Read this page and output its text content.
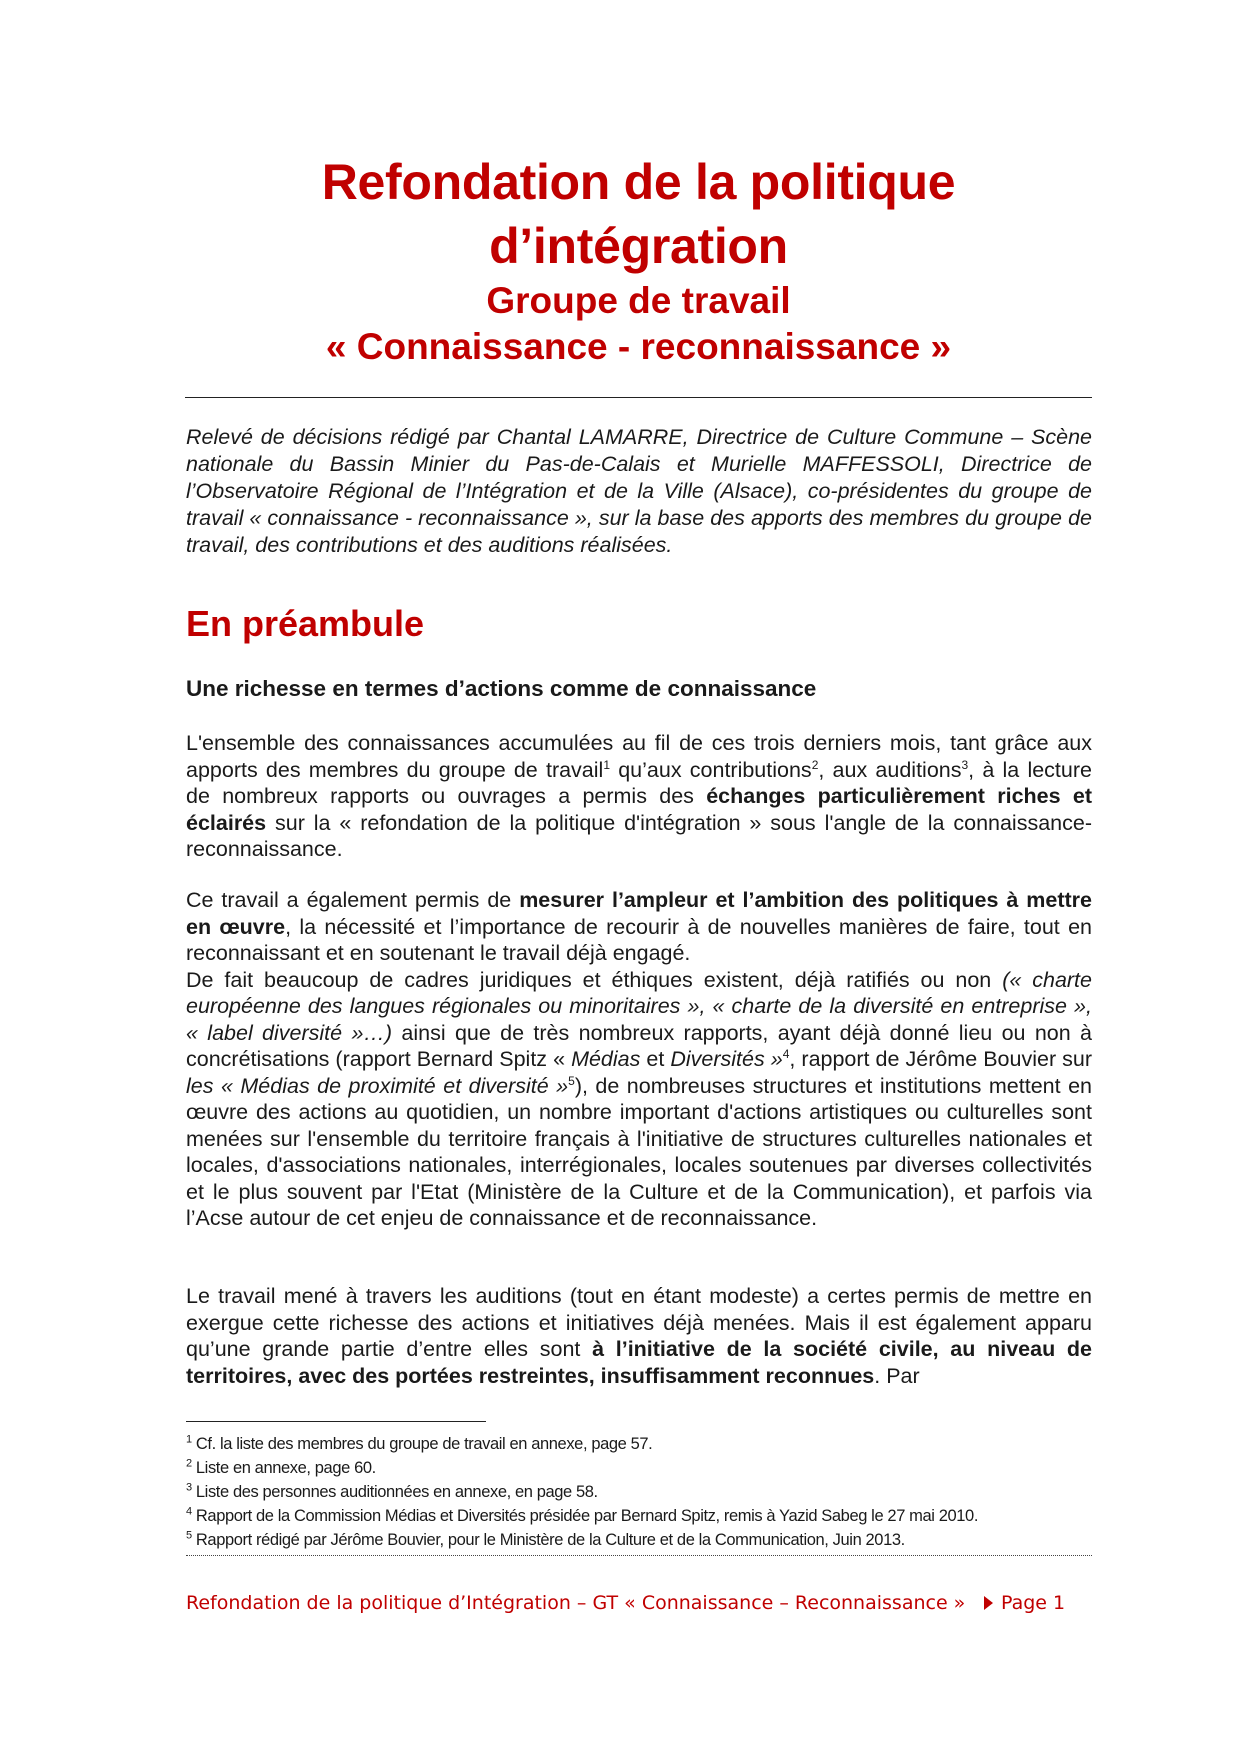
Refondation de la politique
d’intégration
Groupe de travail
« Connaissance - reconnaissance »
Relevé de décisions rédigé par Chantal LAMARRE, Directrice de Culture Commune – Scène nationale du Bassin Minier du Pas-de-Calais et Murielle MAFFESSOLI, Directrice de l’Observatoire Régional de l’Intégration et de la Ville (Alsace), co-présidentes du groupe de travail « connaissance - reconnaissance », sur la base des apports des membres du groupe de travail, des contributions et des auditions réalisées.
En préambule
Une richesse en termes d’actions comme de connaissance

L'ensemble des connaissances accumulées au fil de ces trois derniers mois, tant grâce aux apports des membres du groupe de travail$^1$ qu’aux contributions$^2$, aux auditions$^3$, à la lecture de nombreux rapports ou ouvrages a permis des échanges particulièrement riches et éclairés sur la « refondation de la politique d'intégration » sous l'angle de la connaissance-reconnaissance.

Ce travail a également permis de mesurer l’ampleur et l’ambition des politiques à mettre en œuvre, la nécessité et l’importance de recourir à de nouvelles manières de faire, tout en reconnaissant et en soutenant le travail déjà engagé.

De fait beaucoup de cadres juridiques et éthiques existent, déjà ratifiés ou non (« charte européenne des langues régionales ou minoritaires », « charte de la diversité en entreprise », « label diversité »…) ainsi que de très nombreux rapports, ayant déjà donné lieu ou non à concrétisations (rapport Bernard Spitz « Médias et Diversités »$^4$, rapport de Jérôme Bouvier sur les « Médias de proximité et diversité »$^5$), de nombreuses structures et institutions mettent en œuvre des actions au quotidien, un nombre important d'actions artistiques ou culturelles sont menées sur l'ensemble du territoire français à l'initiative de structures culturelles nationales et locales, d'associations nationales, interrégionales, locales soutenues par diverses collectivités et le plus souvent par l'Etat (Ministère de la Culture et de la Communication), et parfois via l’Acse autour de cet enjeu de connaissance et de reconnaissance.

Le travail mené à travers les auditions (tout en étant modeste) a certes permis de mettre en exergue cette richesse des actions et initiatives déjà menées. Mais il est également apparu qu’une grande partie d’entre elles sont à l’initiative de la société civile, au niveau de territoires, avec des portées restreintes, insuffisamment reconnues. Par

$^1$ Cf. la liste des membres du groupe de travail en annexe, page 57.
$^2$ Liste en annexe, page 60.
$^3$ Liste des personnes auditionnées en annexe, en page 58.
$^4$ Rapport de la Commission Médias et Diversités présidée par Bernard Spitz, remis à Yazid Sabeg le 27 mai 2010.
$^5$ Rapport rédigé par Jérôme Bouvier, pour le Ministère de la Culture et de la Communication, Juin 2013.
Refondation de la politique d’Intégration – GT « Connaissance – Reconnaissance »	Page 1
